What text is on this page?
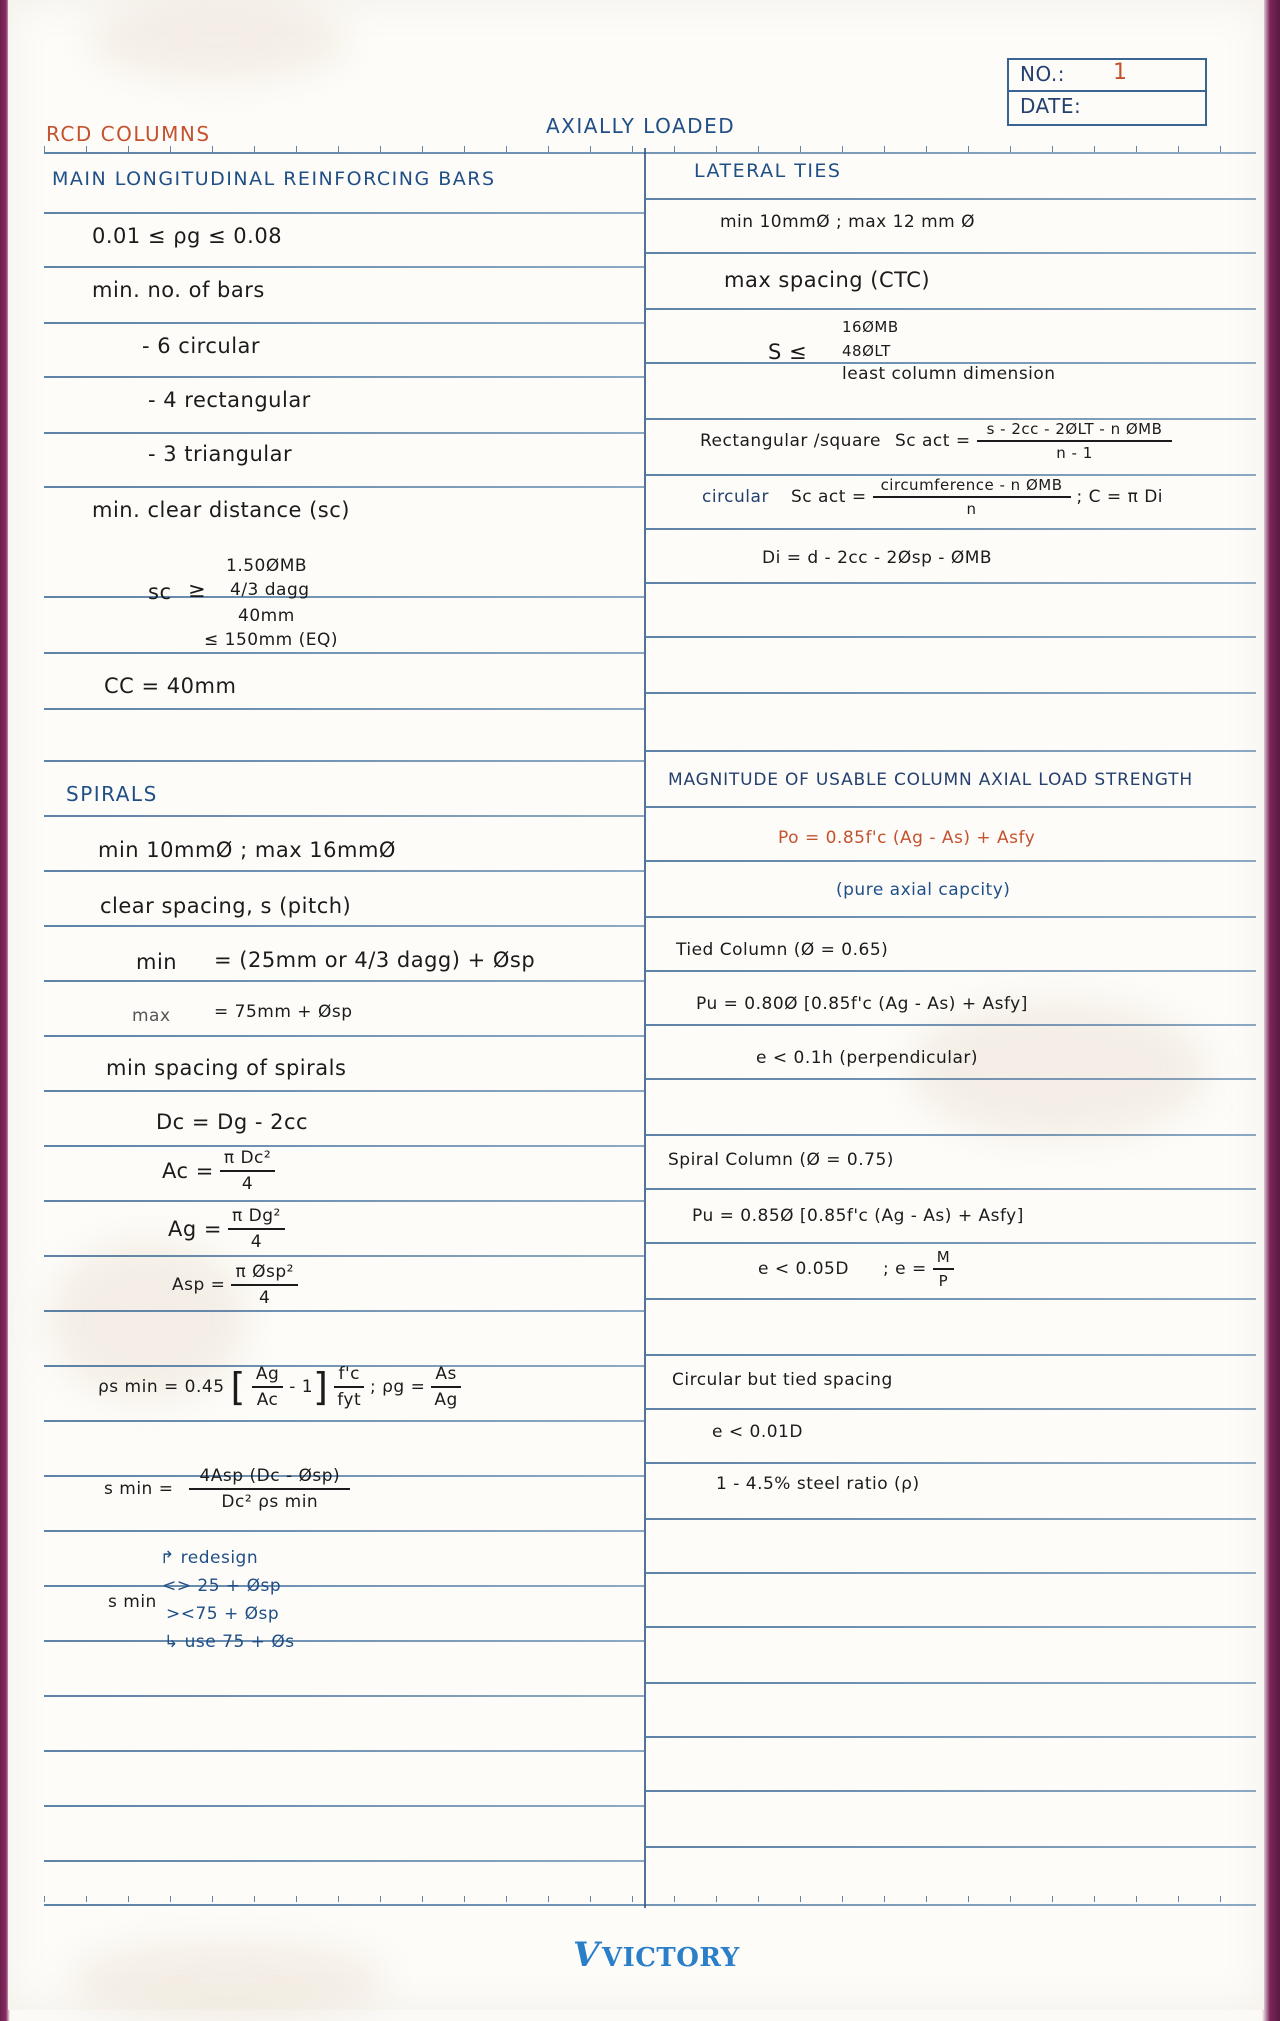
NO.: 1
DATE:
RCD COLUMNS	AXIALLY LOADED
MAIN LONGITUDINAL REINFORCING BARS
0.01 ≤ ρg ≤ 0.08
min. no. of bars
- 6 circular
- 4 rectangular
- 3 triangular
min. clear distance (sc)
1.50ØMB
sc ≥ 4/3 dagg
40mm
≤ 150mm (EQ)
CC = 40mm
SPIRALS
min 10mmØ ; max 16mmØ
clear spacing, s (pitch)
min = (25mm or 4/3 dagg) + Øsp
max	= 75mm + Øsp
min spacing of spirals
Dc = Dg - 2cc
$Ac = \frac{\text{π Dc²}}{4}$
$Ag = \frac{\text{π Dg²}}{4}$
Asp = $\frac{\text{π Øsp²}}{4}$
ρs min = 0.45 [ $\frac{Ag}{Ac} - 1$ ] $\frac{f'c}{\text{fyt}}$ ; $\rho g = \frac{As}{Ag}$
s $\min = \frac{\text{4Asp (Dc - Øsp)}}{\text{Dc² ρs min}}$
↱ redesign
<> 25 + Øsp
s min
><75 + Øsp
↳ use 75 + Øs
LATERAL TIES
min 10mmØ ; max 12 mm Ø
max spacing (CTC)
16ØMB
S ≤ 48ØLT
least column dimension
Rectangular /square Sc act = $\frac{\text{s - 2cc - 2ØLT - n ØMB}}{n - 1}$
circular Sc act = $\frac{\text{circumference - n ØMB}}{n}$ ; C = π Di
Di = d - 2cc - 2Øsp - ØMB
MAGNITUDE OF USABLE COLUMN AXIAL LOAD STRENGTH
Po = 0.85f'c (Ag - As) + Asfy
(pure axial capcity)
Tied Column (Ø = 0.65)
Pu = 0.80Ø [0.85f'c (Ag - As) + Asfy]
e < 0.1h (perpendicular)
Spiral Column (Ø = 0.75)
Pu = 0.85Ø [0.85f'c (Ag - As) + Asfy]
e < 0.05D ; $e = \frac{M}{P}$
Circular but tied spacing
e < 0.01D
1 - 4.5% steel ratio (ρ)
VVICTORY
